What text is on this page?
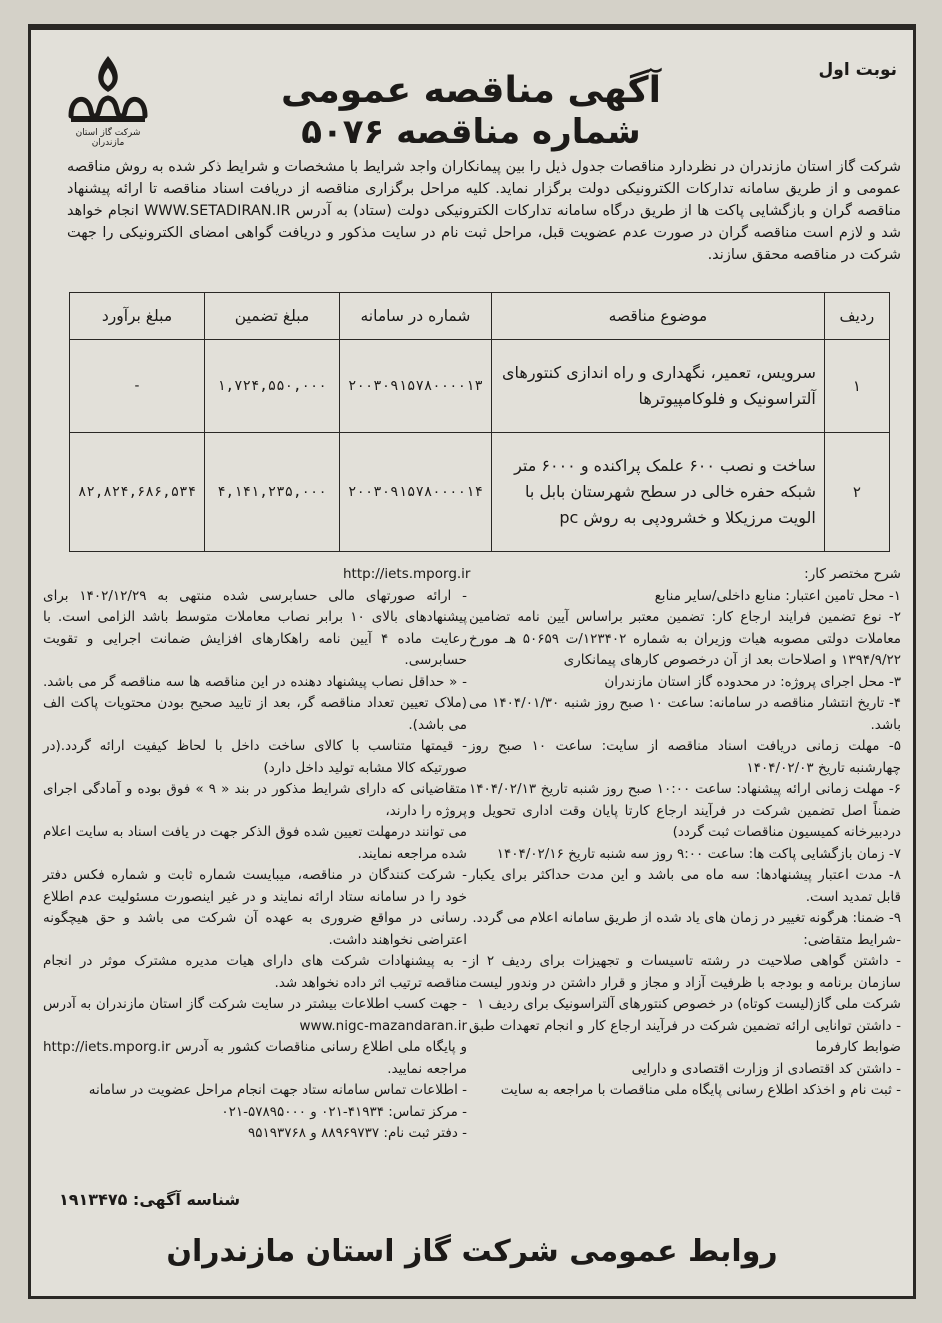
نوبت اول
آگهی مناقصه عمومی
شماره مناقصه ۵۰۷۶
شرکت گاز استان مازندران

شرکت گاز استان مازندران در نظردارد مناقصات جدول ذیل را بین پیمانکاران واجد شرایط با مشخصات و شرایط ذکر شده به روش مناقصه عمومی و از طریق سامانه تدارکات الکترونیکی دولت برگزار نماید. کلیه مراحل برگزاری مناقصه از دریافت اسناد مناقصه تا ارائه پیشنهاد مناقصه گران و بازگشایی پاکت ها از طریق درگاه سامانه تدارکات الکترونیکی دولت (ستاد) به آدرس WWW.SETADIRAN.IR انجام خواهد شد و لازم است مناقصه گران در صورت عدم عضویت قبل، مراحل ثبت نام در سایت مذکور و دریافت گواهی امضای الکترونیکی را جهت شرکت در مناقصه محقق سازند.

ردیف	موضوع مناقصه	شماره در سامانه	مبلغ تضمین	مبلغ برآورد
۱	سرویس، تعمیر، نگهداری و راه اندازی کنتورهای آلتراسونیک و فلوکامپیوترها	۲۰۰۳۰۹۱۵۷۸۰۰۰۰۱۳	۱,۷۲۴,۵۵۰,۰۰۰	-
۲	ساخت و نصب ۶۰۰ علمک پراکنده و ۶۰۰۰ متر شبکه حفره خالی در سطح شهرستان بابل با الویت مرزیکلا و خشرودپی به روش pc	۲۰۰۳۰۹۱۵۷۸۰۰۰۰۱۴	۴,۱۴۱,۲۳۵,۰۰۰	۸۲,۸۲۴,۶۸۶,۵۳۴

شرح مختصر کار:

۱- محل تامین اعتبار: منابع داخلی/سایر منابع

۲- نوع تضمین فرایند ارجاع کار: تضمین معتبر براساس آیین نامه تضامین معاملات دولتی مصوبه هیات وزیران به شماره ۱۲۳۴۰۲/ت ۵۰۶۵۹ هـ مورخ ۱۳۹۴/۹/۲۲ و اصلاحات بعد از آن درخصوص کارهای پیمانکاری

۳- محل اجرای پروژه: در محدوده گاز استان مازندران

۴- تاریخ انتشار مناقصه در سامانه: ساعت ۱۰ صبح روز شنبه ۱۴۰۴/۰۱/۳۰ می باشد.

۵- مهلت زمانی دریافت اسناد مناقصه از سایت: ساعت ۱۰ صبح روز چهارشنبه تاریخ ۱۴۰۴/۰۲/۰۳

۶- مهلت زمانی ارائه پیشنهاد: ساعت ۱۰:۰۰ صبح روز شنبه تاریخ ۱۴۰۴/۰۲/۱۳ ضمناً اصل تضمین شرکت در فرآیند ارجاع کارتا پایان وقت اداری تحویل و دردبیرخانه کمیسیون مناقصات ثبت گردد)

۷- زمان بازگشایی پاکت ها: ساعت ۹:۰۰ روز سه شنبه تاریخ ۱۴۰۴/۰۲/۱۶

۸- مدت اعتبار پیشنهادها: سه ماه می باشد و این مدت حداکثر برای یکبار قابل تمدید است.

۹- ضمنا: هرگونه تغییر در زمان های یاد شده از طریق سامانه اعلام می گردد.

-شرایط متقاضی:

- داشتن گواهی صلاحیت در رشته تاسیسات و تجهیزات برای ردیف ۲ از سازمان برنامه و بودجه با ظرفیت آزاد و مجاز و قرار داشتن در وندور لیست شرکت ملی گاز(لیست کوتاه) در خصوص کنتورهای آلتراسونیک برای ردیف ۱

- داشتن توانایی ارائه تضمین شرکت در فرآیند ارجاع کار و انجام تعهدات طبق ضوابط کارفرما

- داشتن کد اقتصادی از وزارت اقتصادی و دارایی

- ثبت نام و اخذکد اطلاع رسانی پایگاه ملی مناقصات با مراجعه به سایت

http://iets.mporg.ir

- ارائه صورتهای مالی حسابرسی شده منتهی به ۱۴۰۲/۱۲/۲۹ برای پیشنهادهای بالای ۱۰ برابر نصاب معاملات متوسط باشد الزامی است. با رعایت ماده ۴ آیین نامه راهکارهای افزایش ضمانت اجرایی و تقویت حسابرسی.

- « حداقل نصاب پیشنهاد دهنده در این مناقصه ها سه مناقصه گر می باشد. (ملاک تعیین تعداد مناقصه گر، بعد از تایید صحیح بودن محتویات پاکت الف می باشد).

- قیمتها متناسب با کالای ساخت داخل با لحاظ کیفیت ارائه گردد.(در صورتیکه کالا مشابه تولید داخل دارد)

متقاضیانی که دارای شرایط مذکور در بند « ۹ » فوق بوده و آمادگی اجرای پروژه را دارند،

می توانند درمهلت تعیین شده فوق الذکر جهت در یافت اسناد به سایت اعلام شده مراجعه نمایند.

- شرکت کنندگان در مناقصه، میبایست شماره ثابت و شماره فکس دفتر خود را در سامانه ستاد ارائه نمایند و در غیر اینصورت مسئولیت عدم اطلاع رسانی در مواقع ضروری به عهده آن شرکت می باشد و حق هیچگونه اعتراضی نخواهند داشت.

- به پیشنهادات شرکت های دارای هیات مدیره مشترک موثر در انجام مناقصه ترتیب اثر داده نخواهد شد.

- جهت کسب اطلاعات بیشتر در سایت شرکت گاز استان مازندران به آدرس www.nigc-mazandaran.ir

و پایگاه ملی اطلاع رسانی مناقصات کشور به آدرس http://iets.mporg.ir مراجعه نمایید.

- اطلاعات تماس سامانه ستاد جهت انجام مراحل عضویت در سامانه

- مرکز تماس: ۴۱۹۳۴-۰۲۱ و ۵۷۸۹۵۰۰۰-۰۲۱

- دفتر ثبت نام: ۸۸۹۶۹۷۳۷ و ۹۵۱۹۳۷۶۸

شناسه آگهی: ۱۹۱۳۴۷۵
روابط عمومی شرکت گاز استان مازندران
